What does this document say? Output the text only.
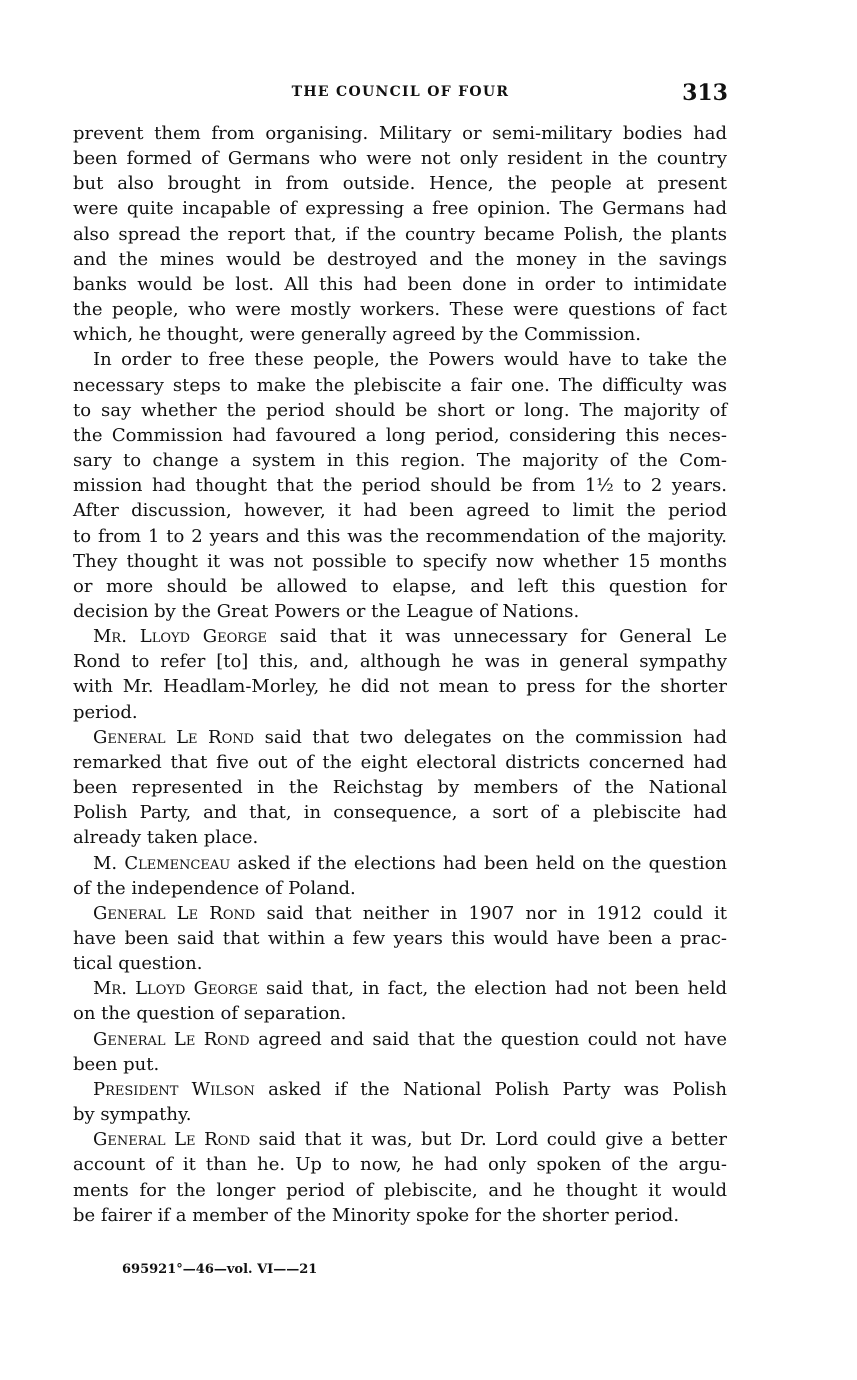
THE COUNCIL OF FOUR	313
prevent them from organising. Military or semi-military bodies had
been formed of Germans who were not only resident in the country
but also brought in from outside. Hence, the people at present
were quite incapable of expressing a free opinion. The Germans had
also spread the report that, if the country became Polish, the plants
and the mines would be destroyed and the money in the savings
banks would be lost. All this had been done in order to intimidate
the people, who were mostly workers. These were questions of fact
which, he thought, were generally agreed by the Commission.
In order to free these people, the Powers would have to take the
necessary steps to make the plebiscite a fair one. The difficulty was
to say whether the period should be short or long. The majority of
the Commission had favoured a long period, considering this neces-
sary to change a system in this region. The majority of the Com-
mission had thought that the period should be from 1½ to 2 years.
After discussion, however, it had been agreed to limit the period
to from 1 to 2 years and this was the recommendation of the majority.
They thought it was not possible to specify now whether 15 months
or more should be allowed to elapse, and left this question for
decision by the Great Powers or the League of Nations.
Mr. Lloyd George said that it was unnecessary for General Le
Rond to refer [to] this, and, although he was in general sympathy
with Mr. Headlam-Morley, he did not mean to press for the shorter
period.
General Le Rond said that two delegates on the commission had
remarked that five out of the eight electoral districts concerned had
been represented in the Reichstag by members of the National
Polish Party, and that, in consequence, a sort of a plebiscite had
already taken place.
M. Clemenceau asked if the elections had been held on the question
of the independence of Poland.
General Le Rond said that neither in 1907 nor in 1912 could it
have been said that within a few years this would have been a prac-
tical question.
Mr. Lloyd George said that, in fact, the election had not been held
on the question of separation.
General Le Rond agreed and said that the question could not have
been put.
President Wilson asked if the National Polish Party was Polish
by sympathy.
General Le Rond said that it was, but Dr. Lord could give a better
account of it than he. Up to now, he had only spoken of the argu-
ments for the longer period of plebiscite, and he thought it would
be fairer if a member of the Minority spoke for the shorter period.
695921°—46—vol. VI——21
